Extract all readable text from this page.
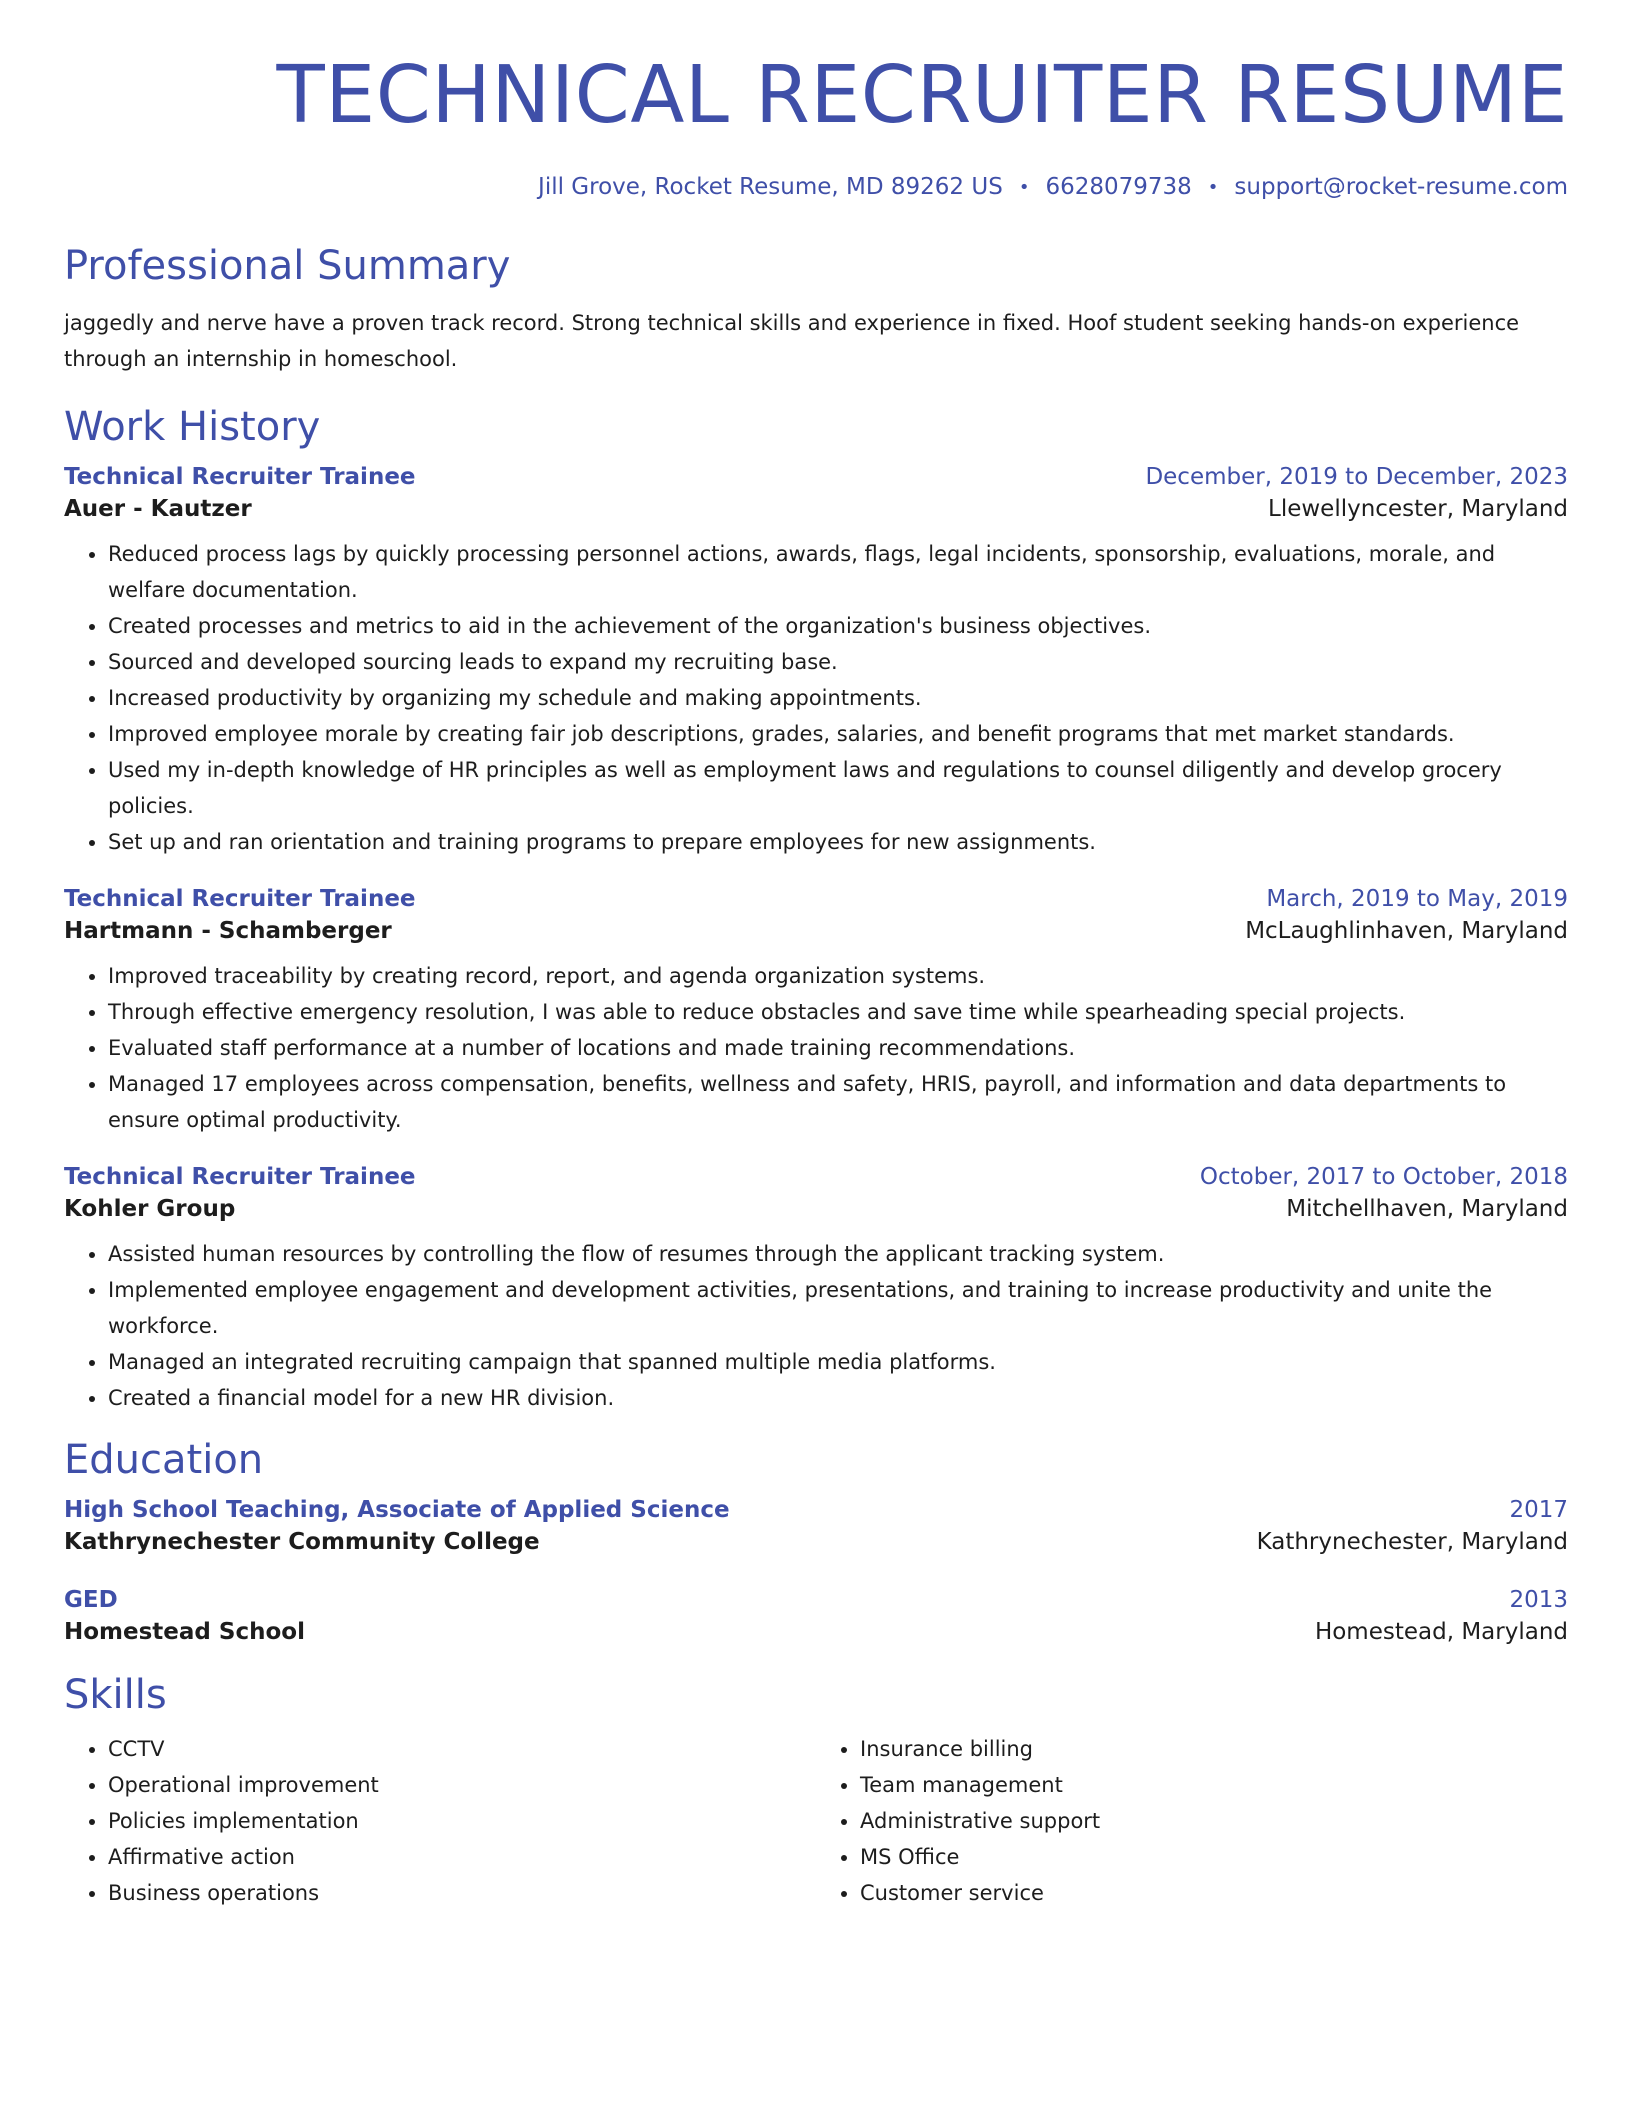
TECHNICAL RECRUITER RESUME
Jill Grove, Rocket Resume, MD 89262 US • 6628079738 • support@rocket-resume.com
Professional Summary

jaggedly and nerve have a proven track record. Strong technical skills and experience in fixed. Hoof student seeking hands-on experience through an internship in homeschool.

Work History
Technical Recruiter Trainee	December, 2019 to December, 2023
Auer - Kautzer	Llewellyncester, Maryland
• Reduced process lags by quickly processing personnel actions, awards, flags, legal incidents, sponsorship, evaluations, morale, and welfare documentation.
• Created processes and metrics to aid in the achievement of the organization's business objectives.
• Sourced and developed sourcing leads to expand my recruiting base.
• Increased productivity by organizing my schedule and making appointments.
• Improved employee morale by creating fair job descriptions, grades, salaries, and benefit programs that met market standards.
• Used my in-depth knowledge of HR principles as well as employment laws and regulations to counsel diligently and develop grocery policies.
• Set up and ran orientation and training programs to prepare employees for new assignments.
Technical Recruiter Trainee	March, 2019 to May, 2019
Hartmann - Schamberger	McLaughlinhaven, Maryland
• Improved traceability by creating record, report, and agenda organization systems.
• Through effective emergency resolution, I was able to reduce obstacles and save time while spearheading special projects.
• Evaluated staff performance at a number of locations and made training recommendations.
• Managed 17 employees across compensation, benefits, wellness and safety, HRIS, payroll, and information and data departments to ensure optimal productivity.
Technical Recruiter Trainee	October, 2017 to October, 2018
Kohler Group	Mitchellhaven, Maryland
• Assisted human resources by controlling the flow of resumes through the applicant tracking system.
• Implemented employee engagement and development activities, presentations, and training to increase productivity and unite the workforce.
• Managed an integrated recruiting campaign that spanned multiple media platforms.
• Created a financial model for a new HR division.
Education
High School Teaching, Associate of Applied Science	2017
Kathrynechester Community College	Kathrynechester, Maryland
GED	2013
Homestead School	Homestead, Maryland
Skills
• CCTV
• Operational improvement
• Policies implementation
• Affirmative action
• Business operations
• Insurance billing
• Team management
• Administrative support
• MS Office
• Customer service
